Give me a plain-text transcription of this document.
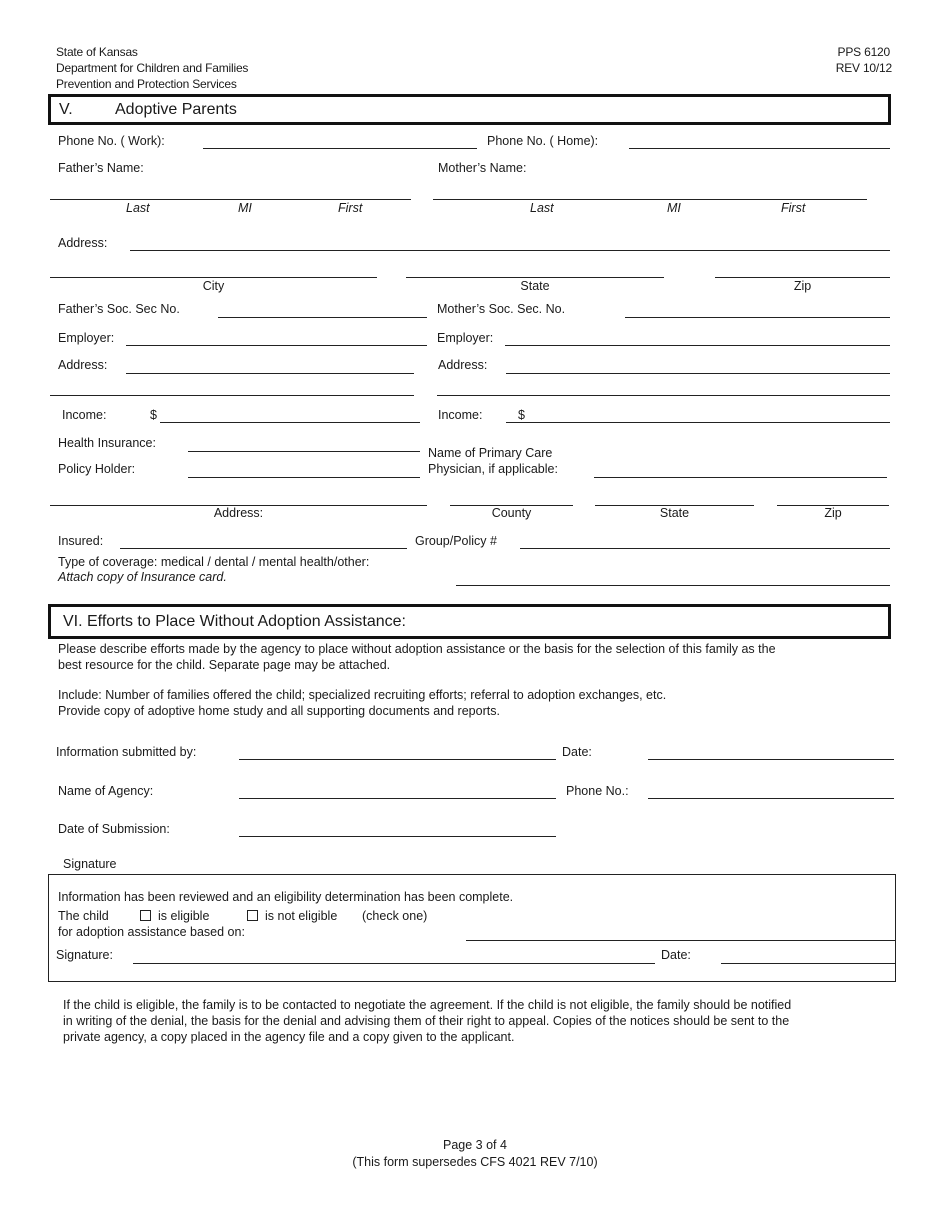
State of Kansas
Department for Children and Families
Prevention and Protection Services
PPS 6120
REV 10/12
V.	Adoptive Parents
Phone No. ( Work):	Phone No. ( Home):
Father’s Name:	Mother’s Name:
Last	MI	First	Last	MI	First
Address:
City	State	Zip
Father’s Soc. Sec No.	Mother’s Soc. Sec. No.
Employer:	Employer:
Address:	Address:
Income:	$	Income:	$
Health Insurance:
Name of Primary Care
Policy Holder:	Physician, if applicable:
Address:	County	State	Zip
Insured:	Group/Policy #
Type of coverage: medical / dental / mental health/other:
Attach copy of Insurance card.
VI. Efforts to Place Without Adoption Assistance:
Please describe efforts made by the agency to place without adoption assistance or the basis for the selection of this family as the
best resource for the child. Separate page may be attached.
Include: Number of families offered the child; specialized recruiting efforts; referral to adoption exchanges, etc.
Provide copy of adoptive home study and all supporting documents and reports.
Information submitted by:	Date:
Name of Agency:	Phone No.:
Date of Submission:
Signature
Information has been reviewed and an eligibility determination has been complete.
The child	is eligible	is not eligible (check one)
for adoption assistance based on:
Signature:	Date:
If the child is eligible, the family is to be contacted to negotiate the agreement. If the child is not eligible, the family should be notified
in writing of the denial, the basis for the denial and advising them of their right to appeal. Copies of the notices should be sent to the
private agency, a copy placed in the agency file and a copy given to the applicant.
Page 3 of 4
(This form supersedes CFS 4021 REV 7/10)
